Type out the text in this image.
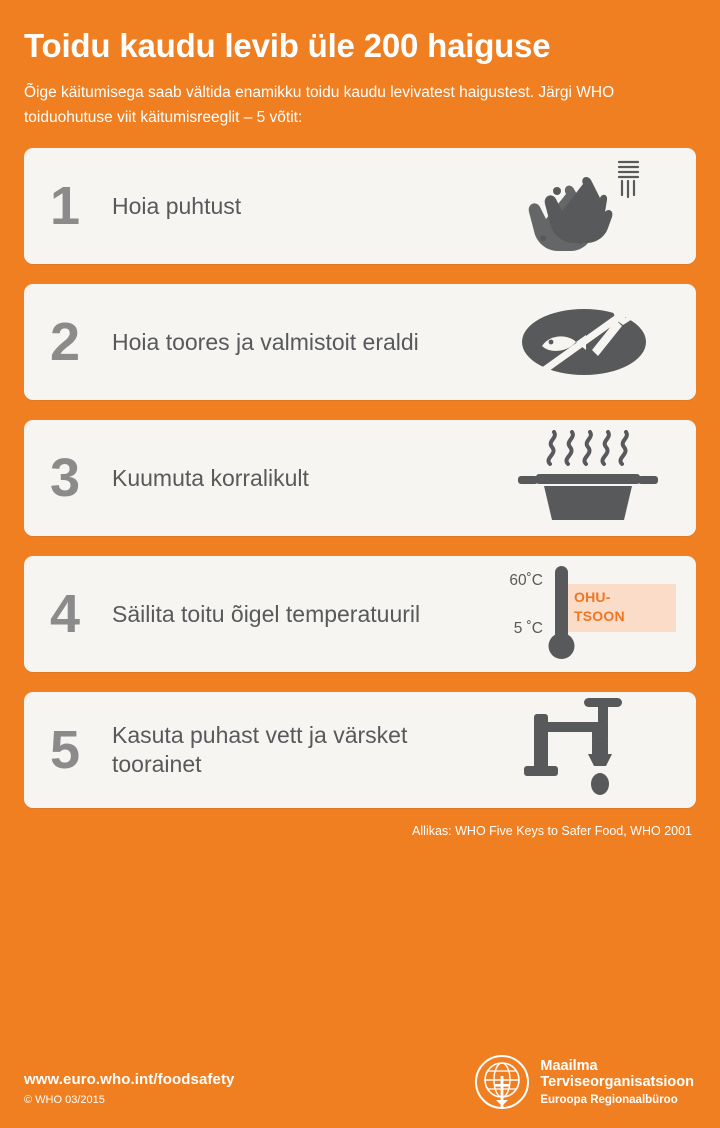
Toidu kaudu levib üle 200 haiguse
Õige käitumisega saab vältida enamikku toidu kaudu levivatest haigustest. Järgi WHO toiduohutuse viit käitumisreeglit – 5 võtit:
1	Hoia puhtust
2	Hoia toores ja valmistoit eraldi
3	Kuumuta korralikult
4	Säilita toitu õigel temperatuuril
OHU-
TSOON
60˚C
5 ˚C
5	Kasuta puhast vett ja värsket toorainet
Allikas: WHO Five Keys to Safer Food, WHO 2001
www.euro.who.int/foodsafety
© WHO 03/2015
Maailma
Terviseorganisatsioon
Euroopa Regionaalbüroo
